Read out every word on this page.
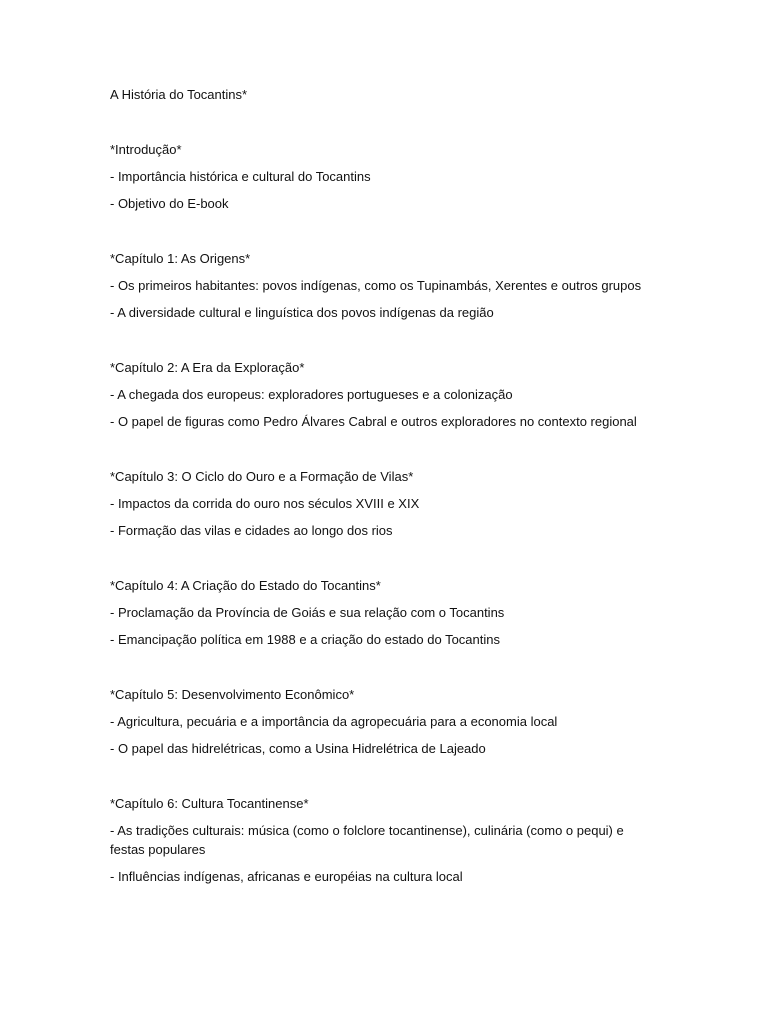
A História do Tocantins*

*Introdução*

- Importância histórica e cultural do Tocantins

- Objetivo do E-book

*Capítulo 1: As Origens*

- Os primeiros habitantes: povos indígenas, como os Tupinambás, Xerentes e outros grupos

- A diversidade cultural e linguística dos povos indígenas da região

*Capítulo 2: A Era da Exploração*

- A chegada dos europeus: exploradores portugueses e a colonização

- O papel de figuras como Pedro Álvares Cabral e outros exploradores no contexto regional

*Capítulo 3: O Ciclo do Ouro e a Formação de Vilas*

- Impactos da corrida do ouro nos séculos XVIII e XIX

- Formação das vilas e cidades ao longo dos rios

*Capítulo 4: A Criação do Estado do Tocantins*

- Proclamação da Província de Goiás e sua relação com o Tocantins

- Emancipação política em 1988 e a criação do estado do Tocantins

*Capítulo 5: Desenvolvimento Econômico*

- Agricultura, pecuária e a importância da agropecuária para a economia local

- O papel das hidrelétricas, como a Usina Hidrelétrica de Lajeado

*Capítulo 6: Cultura Tocantinense*

- As tradições culturais: música (como o folclore tocantinense), culinária (como o pequi) e festas populares

- Influências indígenas, africanas e européias na cultura local
